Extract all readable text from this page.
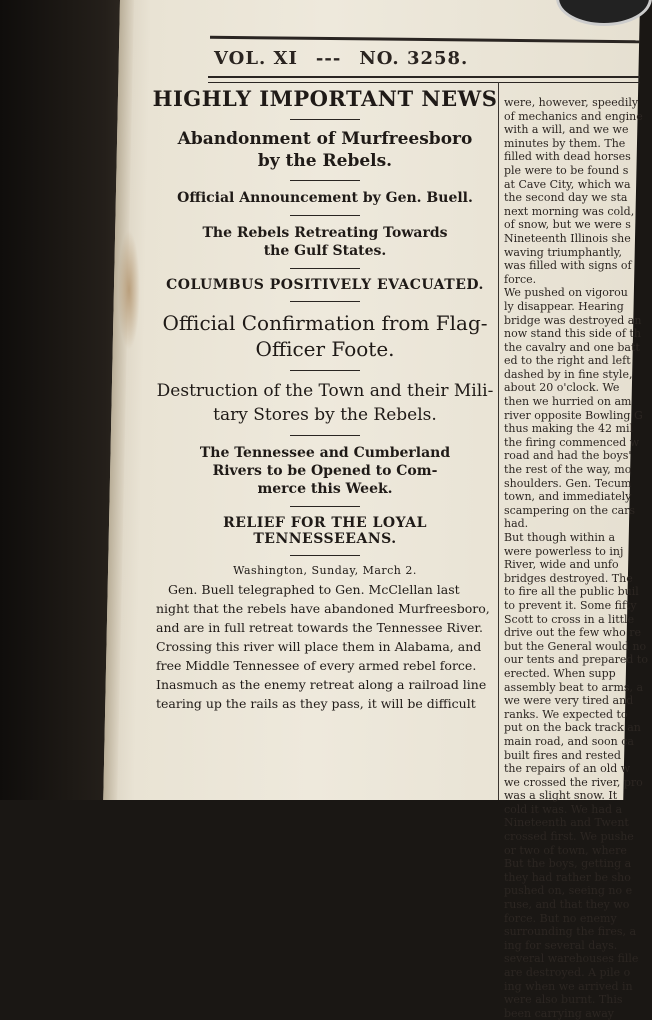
VOL. XI --- NO. 3258.

HIGHLY IMPORTANT NEWS

Abandonment of Murfreesboro

by the Rebels.

Official Announcement by Gen. Buell.

The Rebels Retreating Towards

the Gulf States.

COLUMBUS POSITIVELY EVACUATED.

Official Confirmation from Flag-

Officer Foote.

Destruction of the Town and their Mili-

tary Stores by the Rebels.

The Tennessee and Cumberland

Rivers to be Opened to Com-

merce this Week.

RELIEF FOR THE LOYAL TENNESSEEANS.

Washington, Sunday, March 2.

Gen. Buell telegraphed to Gen. McClellan last

night that the rebels have abandoned Murfreesboro,

and are in full retreat towards the Tennessee River.

Crossing this river will place them in Alabama, and

free Middle Tennessee of every armed rebel force.

Inasmuch as the enemy retreat along a railroad line

tearing up the rails as they pass, it will be difficult

were, however, speedily

of mechanics and engine

with a will, and we we

minutes by them. The

filled with dead horses

ple were to be found s

at Cave City, which wa

the second day we sta

next morning was cold,

of snow, but we were s

Nineteenth Illinois she

waving triumphantly,

was filled with signs of

force.

We pushed on vigorou

ly disappear. Hearing

bridge was destroyed an

now stand this side of th

the cavalry and one batt

ed to the right and left

dashed by in fine style,

about 20 o'clock. We

then we hurried on am

river opposite Bowling G

thus making the 42 mil

the firing commenced w

road and had the boys'

the rest of the way, mo

shoulders. Gen. Tecum

town, and immediately

scampering on the cars

had.

But though within a

were powerless to inj

River, wide and unfo

bridges destroyed. The

to fire all the public buil

to prevent it. Some fifty

Scott to cross in a little

drive out the few who re

but the General would no

our tents and prepared to

erected. When supp

assembly beat to arms, a

we were very tired and

ranks. We expected to

put on the back track an

main road, and soon ca

built fires and rested

the repairs of an old w

we crossed the river, pro

was a slight snow. It

cold it was. We had a

Nineteenth and Twent

crossed first. We pushe

or two of town, where

But the boys, getting a

they had rather be sho

pushed on, seeing no e

ruse, and that they wo

force. But no enemy

surrounding the fires, a

ing for several days.

several warehouses fille

are destroyed. A pile o

ing when we arrived in

were also burnt. This

been carrying away
